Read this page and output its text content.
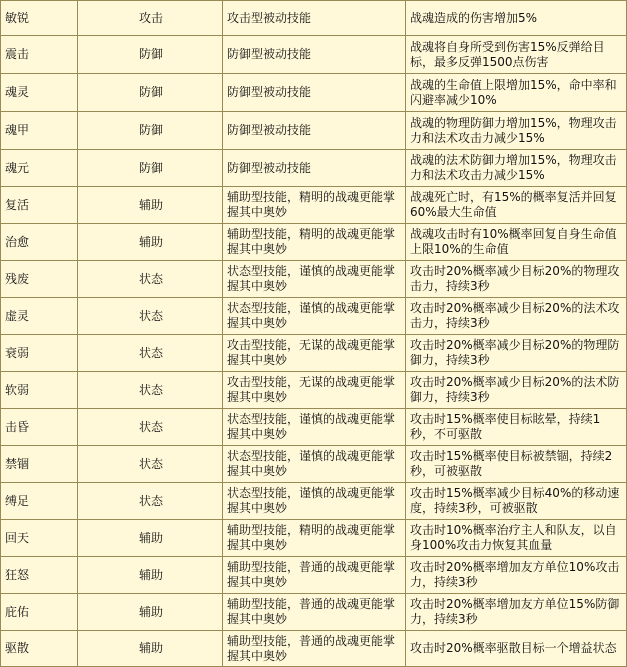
敏锐	攻击	攻击型被动技能	战魂造成的伤害增加5%
震击	防御	防御型被动技能	战魂将自身所受到伤害15%反弹给目标，最多反弹1500点伤害
魂灵	防御	防御型被动技能	战魂的生命值上限增加15%，命中率和闪避率减少10%
魂甲	防御	防御型被动技能	战魂的物理防御力增加15%，物理攻击力和法术攻击力减少15%
魂元	防御	防御型被动技能	战魂的法术防御力增加15%，物理攻击力和法术攻击力减少15%
复活	辅助	辅助型技能，精明的战魂更能掌握其中奥妙	战魂死亡时，有15%的概率复活并回复60%最大生命值
治愈	辅助	辅助型技能，精明的战魂更能掌握其中奥妙	战魂攻击时有10%概率回复自身生命值上限10%的生命值
残废	状态	状态型技能，谨慎的战魂更能掌握其中奥妙	攻击时20%概率减少目标20%的物理攻击力，持续3秒
虚灵	状态	状态型技能，谨慎的战魂更能掌握其中奥妙	攻击时20%概率减少目标20%的法术攻击力，持续3秒
衰弱	状态	攻击型技能，无谋的战魂更能掌握其中奥妙	攻击时20%概率减少目标20%的物理防御力，持续3秒
软弱	状态	攻击型技能，无谋的战魂更能掌握其中奥妙	攻击时20%概率减少目标20%的法术防御力，持续3秒
击昏	状态	状态型技能，谨慎的战魂更能掌握其中奥妙	攻击时15%概率使目标眩晕，持续1秒，不可驱散
禁锢	状态	状态型技能，谨慎的战魂更能掌握其中奥妙	攻击时15%概率使目标被禁锢，持续2秒，可被驱散
缚足	状态	状态型技能，谨慎的战魂更能掌握其中奥妙	攻击时15%概率减少目标40%的移动速度，持续3秒，可被驱散
回天	辅助	辅助型技能，精明的战魂更能掌握其中奥妙	攻击时10%概率治疗主人和队友，以自身100%攻击力恢复其血量
狂怒	辅助	辅助型技能，普通的战魂更能掌握其中奥妙	攻击时20%概率增加友方单位10%攻击力，持续3秒
庇佑	辅助	辅助型技能，普通的战魂更能掌握其中奥妙	攻击时20%概率增加友方单位15%防御力，持续3秒
驱散	辅助	辅助型技能，普通的战魂更能掌握其中奥妙	攻击时20%概率驱散目标一个增益状态
